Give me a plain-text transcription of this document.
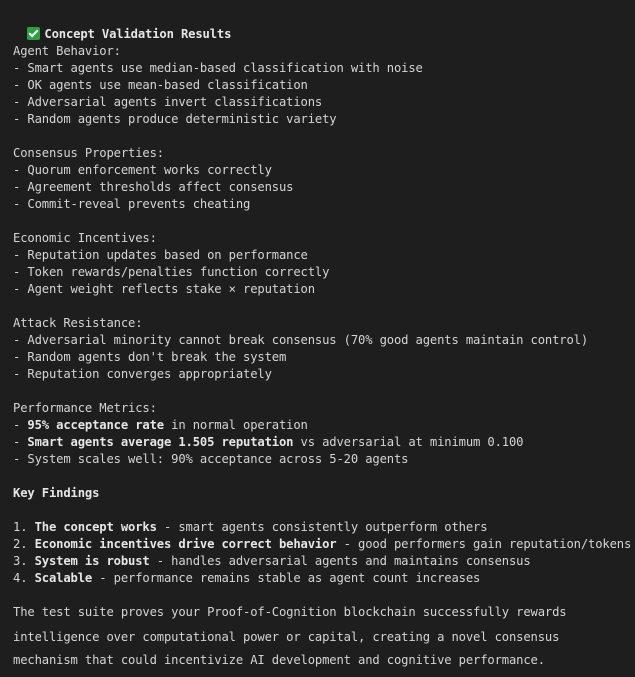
Concept Validation Results

Agent Behavior:
- Smart agents use median-based classification with noise
- OK agents use mean-based classification
- Adversarial agents invert classifications
- Random agents produce deterministic variety
Consensus Properties:
- Quorum enforcement works correctly
- Agreement thresholds affect consensus
- Commit-reveal prevents cheating
Economic Incentives:
- Reputation updates based on performance
- Token rewards/penalties function correctly
- Agent weight reflects stake × reputation
Attack Resistance:
- Adversarial minority cannot break consensus (70% good agents maintain control)
- Random agents don't break the system
- Reputation converges appropriately
Performance Metrics:
- 95% acceptance rate in normal operation
- Smart agents average 1.505 reputation vs adversarial at minimum 0.100
- System scales well: 90% acceptance across 5-20 agents
Key Findings
1. The concept works - smart agents consistently outperform others
2. Economic incentives drive correct behavior - good performers gain reputation/tokens
3. System is robust - handles adversarial agents and maintains consensus
4. Scalable - performance remains stable as agent count increases
The test suite proves your Proof-of-Cognition blockchain successfully rewards
intelligence over computational power or capital, creating a novel consensus
mechanism that could incentivize AI development and cognitive performance.
